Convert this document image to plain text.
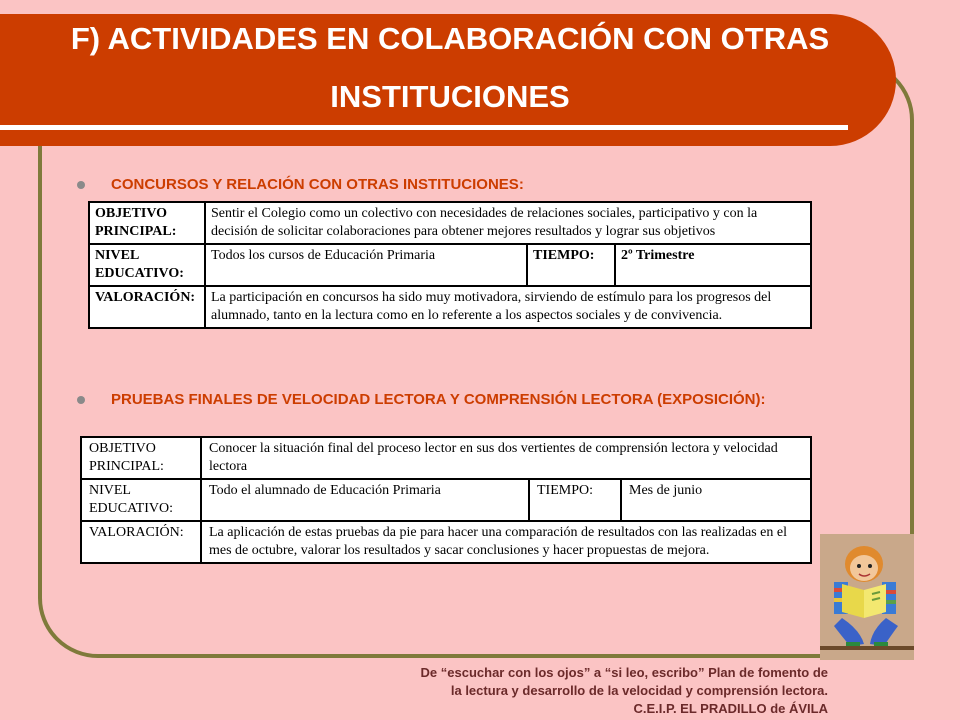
F) ACTIVIDADES EN COLABORACIÓN CON OTRAS
INSTITUCIONES
CONCURSOS Y RELACIÓN CON OTRAS INSTITUCIONES:
OBJETIVO PRINCIPAL:	Sentir el Colegio como un colectivo con necesidades de relaciones sociales, participativo y con la decisión de solicitar colaboraciones para obtener mejores resultados y lograr sus objetivos		
NIVEL EDUCATIVO:	Todos los cursos de Educación Primaria	TIEMPO:	2º Trimestre
VALORACIÓN:	La participación en concursos ha sido muy motivadora, sirviendo de estímulo para los progresos del alumnado, tanto en la lectura como en lo referente a los aspectos sociales y de convivencia.		
PRUEBAS FINALES DE VELOCIDAD LECTORA Y COMPRENSIÓN LECTORA (EXPOSICIÓN):
OBJETIVO PRINCIPAL:	Conocer la situación final del proceso lector en sus dos vertientes de comprensión lectora y velocidad lectora		
NIVEL EDUCATIVO:	Todo el alumnado de Educación Primaria	TIEMPO:	Mes de junio
VALORACIÓN:	La aplicación de estas pruebas da pie para hacer una comparación de resultados con las realizadas en el mes de octubre, valorar los resultados y sacar conclusiones y hacer propuestas de mejora.		
De “escuchar con los ojos” a “si leo, escribo” Plan de fomento de
la lectura y desarrollo de la velocidad y comprensión lectora.
C.E.I.P. EL PRADILLO de ÁVILA
